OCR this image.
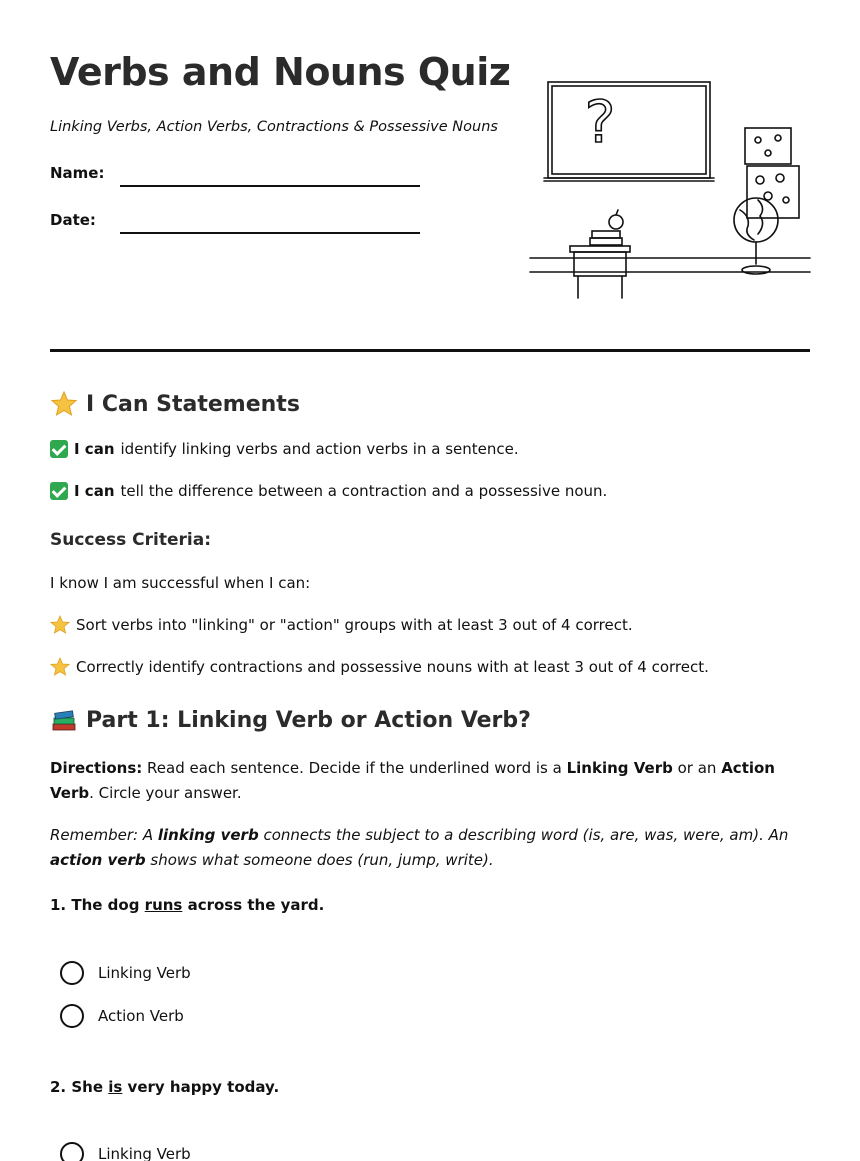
Verbs and Nouns Quiz
Linking Verbs, Action Verbs, Contractions & Possessive Nouns
Name:
Date:
?
I Can Statements
I can identify linking verbs and action verbs in a sentence.
I can tell the difference between a contraction and a possessive noun.
Success Criteria:
I know I am successful when I can:
Sort verbs into "linking" or "action" groups with at least 3 out of 4 correct.
Correctly identify contractions and possessive nouns with at least 3 out of 4 correct.
Part 1: Linking Verb or Action Verb?

Directions: Read each sentence. Decide if the underlined word is a Linking Verb or an Action Verb. Circle your answer.

Remember: A linking verb connects the subject to a describing word (is, are, was, were, am). An action verb shows what someone does (run, jump, write).

1. The dog runs across the yard.
Linking Verb
Action Verb
2. She is very happy today.
Linking Verb
